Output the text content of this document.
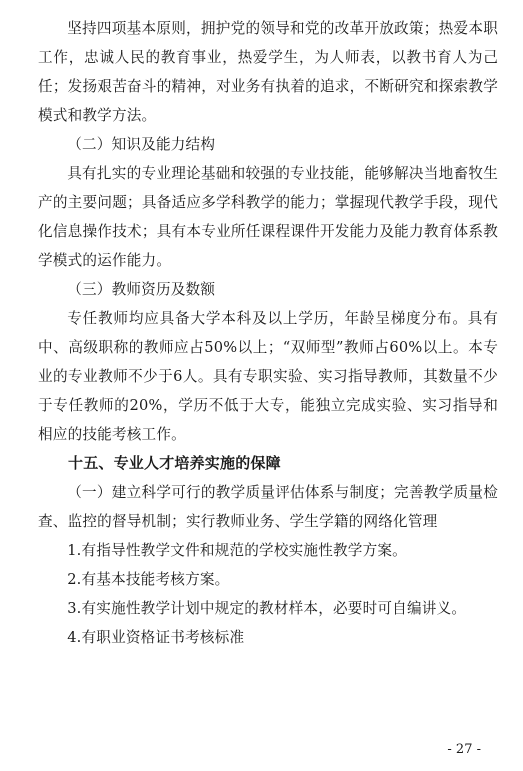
坚持四项基本原则，拥护党的领导和党的改革开放政策；热爱本职工作，忠诚人民的教育事业，热爱学生，为人师表，以教书育人为己任；发扬艰苦奋斗的精神，对业务有执着的追求，不断研究和探索教学模式和教学方法。

（二）知识及能力结构

具有扎实的专业理论基础和较强的专业技能，能够解决当地畜牧生产的主要问题；具备适应多学科教学的能力；掌握现代教学手段，现代化信息操作技术；具有本专业所任课程课件开发能力及能力教育体系教学模式的运作能力。

（三）教师资历及数额

专任教师均应具备大学本科及以上学历，年龄呈梯度分布。具有中、高级职称的教师应占50%以上；“双师型”教师占60%以上。本专业的专业教师不少于6人。具有专职实验、实习指导教师，其数量不少于专任教师的20%，学历不低于大专，能独立完成实验、实习指导和相应的技能考核工作。

十五、专业人才培养实施的保障

（一）建立科学可行的教学质量评估体系与制度；完善教学质量检查、监控的督导机制；实行教师业务、学生学籍的网络化管理

1.有指导性教学文件和规范的学校实施性教学方案。

2.有基本技能考核方案。

3.有实施性教学计划中规定的教材样本，必要时可自编讲义。

4.有职业资格证书考核标准

- 27 -
